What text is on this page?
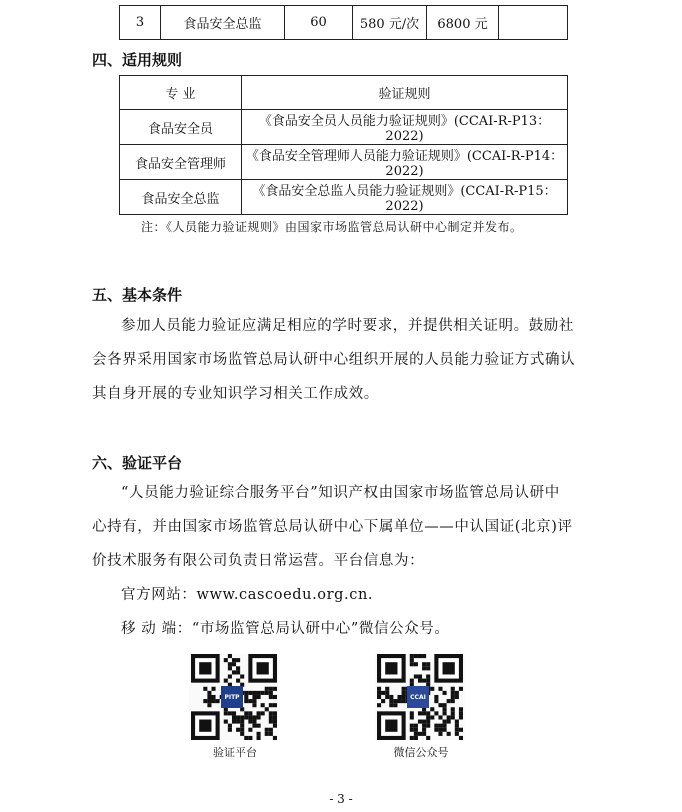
3	食品安全总监	60	580 元/次	6800 元	
四、适用规则
专 业	验证规则
食品安全员	《食品安全员人员能力验证规则》(CCAI-R-P13：2022)
食品安全管理师	《食品安全管理师人员能力验证规则》(CCAI-R-P14：2022)
食品安全总监	《食品安全总监人员能力验证规则》(CCAI-R-P15：2022)
注：《人员能力验证规则》由国家市场监管总局认研中心制定并发布。
五、基本条件
参加人员能力验证应满足相应的学时要求，并提供相关证明。鼓励社
会各界采用国家市场监管总局认研中心组织开展的人员能力验证方式确认
其自身开展的专业知识学习相关工作成效。
六、验证平台
“人员能力验证综合服务平台”知识产权由国家市场监管总局认研中
心持有，并由国家市场监管总局认研中心下属单位——中认国证(北京)评
价技术服务有限公司负责日常运营。平台信息为：
官方网站：www.cascoedu.org.cn.
移 动 端：“市场监管总局认研中心”微信公众号。
PITP
验证平台
CCAI
微信公众号
- 3 -
